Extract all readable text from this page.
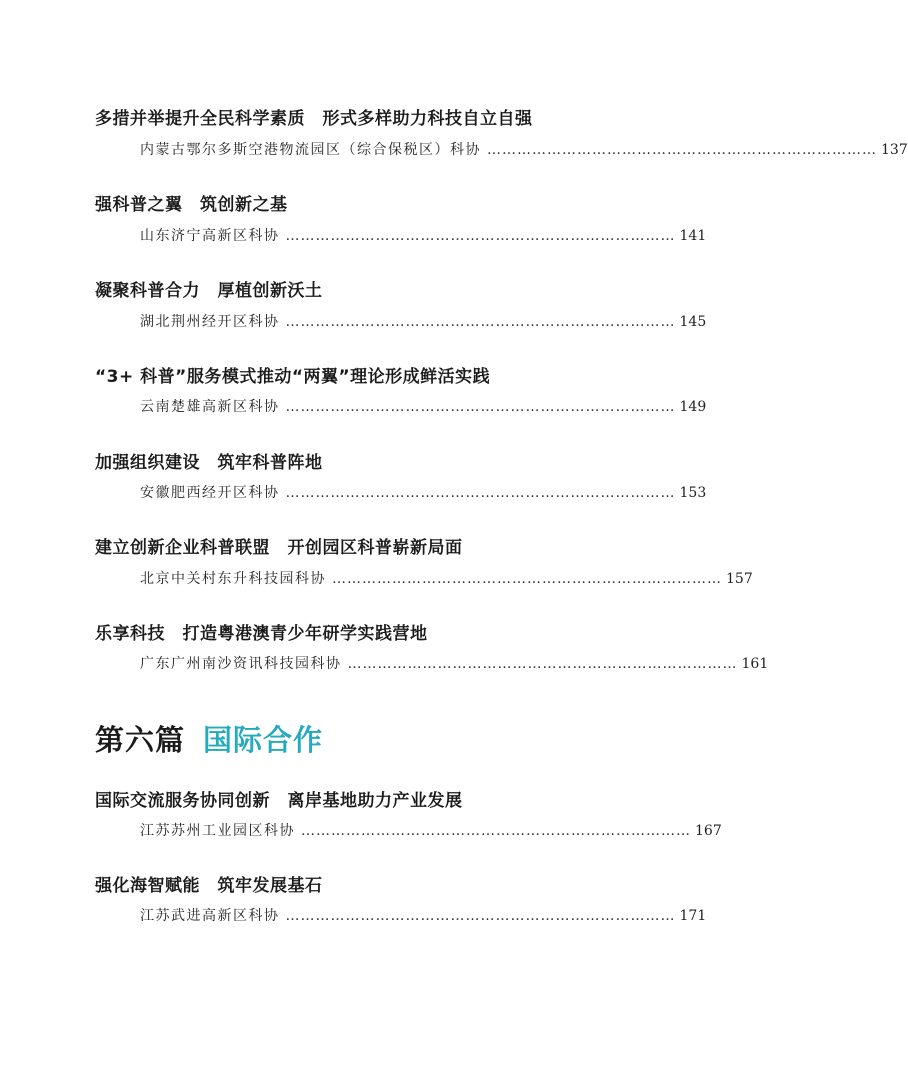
多措并举提升全民科学素质　形式多样助力科技自立自强
内蒙古鄂尔多斯空港物流园区（综合保税区）科协 …………………………………………………………………… 137
强科普之翼　筑创新之基
山东济宁高新区科协 …………………………………………………………………… 141
凝聚科普合力　厚植创新沃土
湖北荆州经开区科协 …………………………………………………………………… 145
“3+ 科普”服务模式推动“两翼”理论形成鲜活实践
云南楚雄高新区科协 …………………………………………………………………… 149
加强组织建设　筑牢科普阵地
安徽肥西经开区科协 …………………………………………………………………… 153
建立创新企业科普联盟　开创园区科普崭新局面
北京中关村东升科技园科协 …………………………………………………………………… 157
乐享科技　打造粤港澳青少年研学实践营地
广东广州南沙资讯科技园科协 …………………………………………………………………… 161
第六篇 国际合作
国际交流服务协同创新　离岸基地助力产业发展
江苏苏州工业园区科协 …………………………………………………………………… 167
强化海智赋能　筑牢发展基石
江苏武进高新区科协 …………………………………………………………………… 171
